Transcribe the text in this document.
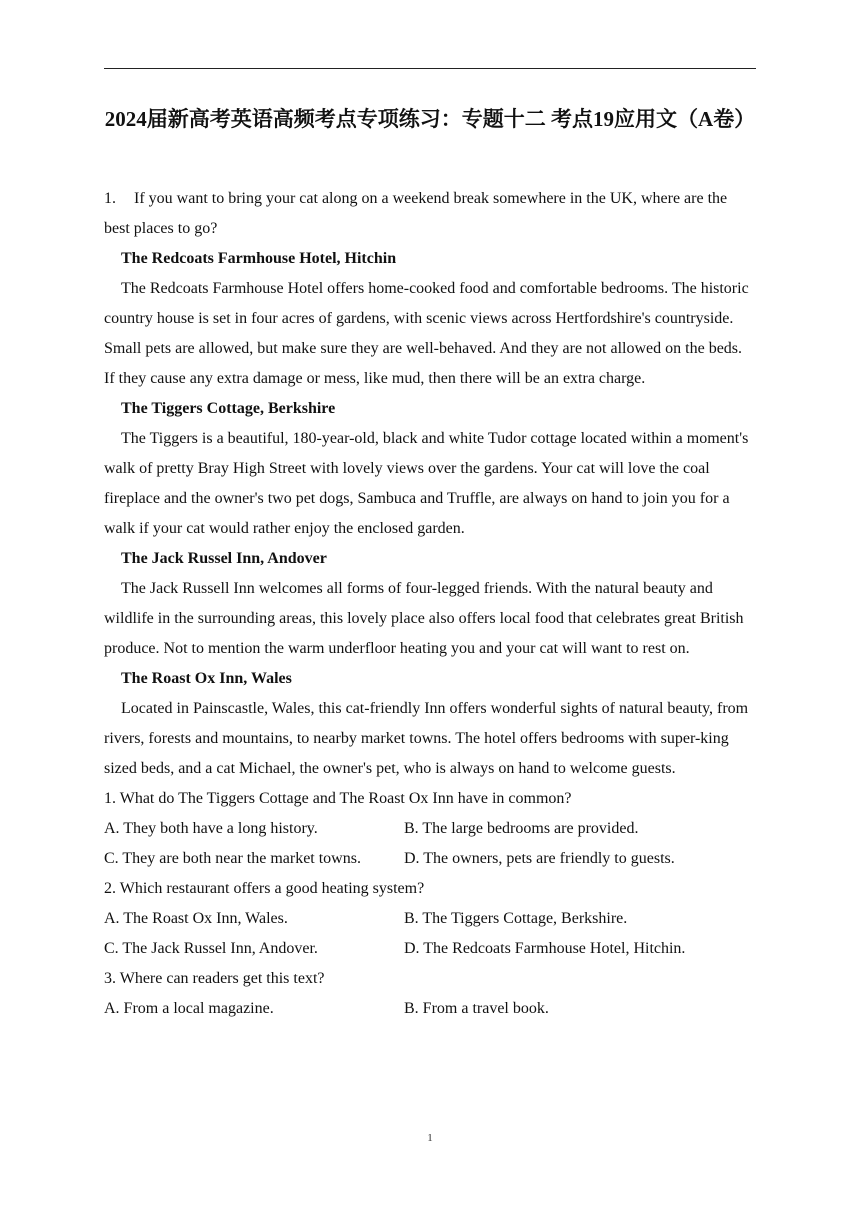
2024届新高考英语高频考点专项练习：专题十二 考点19应用文（A卷）

1. If you want to bring your cat along on a weekend break somewhere in the UK, where are the best places to go?

The Redcoats Farmhouse Hotel, Hitchin

The Redcoats Farmhouse Hotel offers home-cooked food and comfortable bedrooms. The historic country house is set in four acres of gardens, with scenic views across Hertfordshire's countryside. Small pets are allowed, but make sure they are well-behaved. And they are not allowed on the beds. If they cause any extra damage or mess, like mud, then there will be an extra charge.

The Tiggers Cottage, Berkshire

The Tiggers is a beautiful, 180-year-old, black and white Tudor cottage located within a moment's walk of pretty Bray High Street with lovely views over the gardens. Your cat will love the coal fireplace and the owner's two pet dogs, Sambuca and Truffle, are always on hand to join you for a walk if your cat would rather enjoy the enclosed garden.

The Jack Russel Inn, Andover

The Jack Russell Inn welcomes all forms of four-legged friends. With the natural beauty and wildlife in the surrounding areas, this lovely place also offers local food that celebrates great British produce. Not to mention the warm underfloor heating you and your cat will want to rest on.

The Roast Ox Inn, Wales

Located in Painscastle, Wales, this cat-friendly Inn offers wonderful sights of natural beauty, from rivers, forests and mountains, to nearby market towns. The hotel offers bedrooms with super-king sized beds, and a cat Michael, the owner's pet, who is always on hand to welcome guests.

1. What do The Tiggers Cottage and The Roast Ox Inn have in common?

A. They both have a long history.	B. The large bedrooms are provided.
C. They are both near the market towns.	D. The owners, pets are friendly to guests.

2. Which restaurant offers a good heating system?

A. The Roast Ox Inn, Wales.	B. The Tiggers Cottage, Berkshire.
C. The Jack Russel Inn, Andover.	D. The Redcoats Farmhouse Hotel, Hitchin.

3. Where can readers get this text?

A. From a local magazine.	B. From a travel book.
1
